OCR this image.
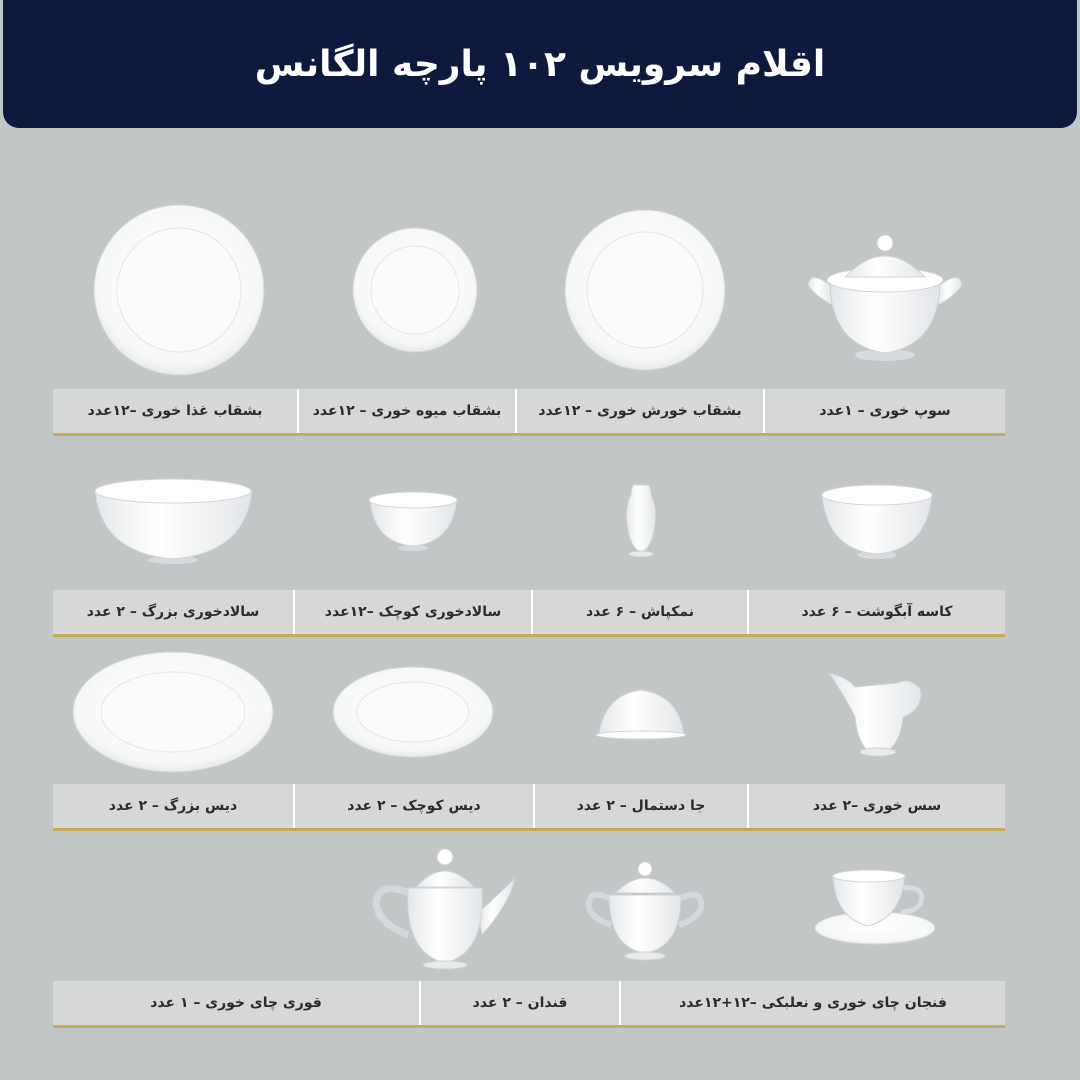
اقلام سرویس ۱۰۲ پارچه الگانس
سوپ خوری – ۱عدد
بشقاب خورش خوری – ۱۲عدد
بشقاب میوه خوری – ۱۲عدد
بشقاب غذا خوری –۱۲عدد
کاسه آبگوشت – ۶ عدد
نمکپاش – ۶ عدد
سالادخوری کوچک –۱۲عدد
سالادخوری بزرگ – ۲ عدد
سس خوری –۲ عدد
جا دستمال – ۲ عدد
دیس کوچک – ۲ عدد
دیس بزرگ – ۲ عدد
فنجان چای خوری و نعلبکی –۱۲+۱۲عدد
قندان – ۲ عدد
قوری چای خوری – ۱ عدد
